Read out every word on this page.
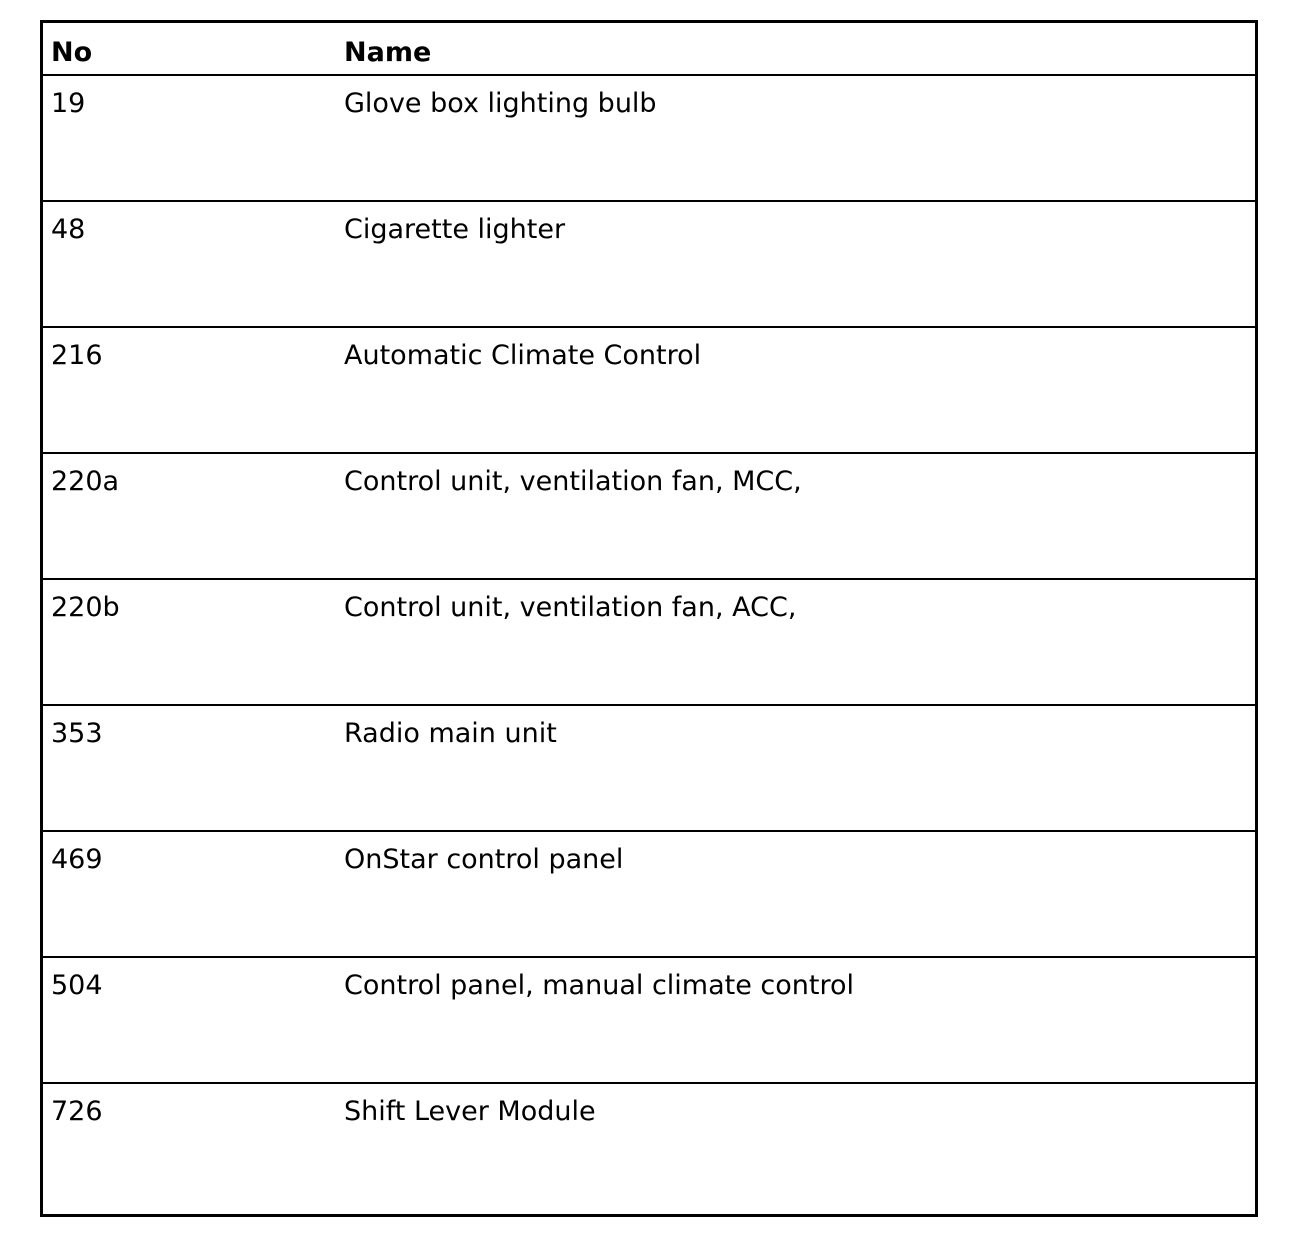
No	Name
19	Glove box lighting bulb
48	Cigarette lighter
216	Automatic Climate Control
220a	Control unit, ventilation fan, MCC,
220b	Control unit, ventilation fan, ACC,
353	Radio main unit
469	OnStar control panel
504	Control panel, manual climate control
726	Shift Lever Module
